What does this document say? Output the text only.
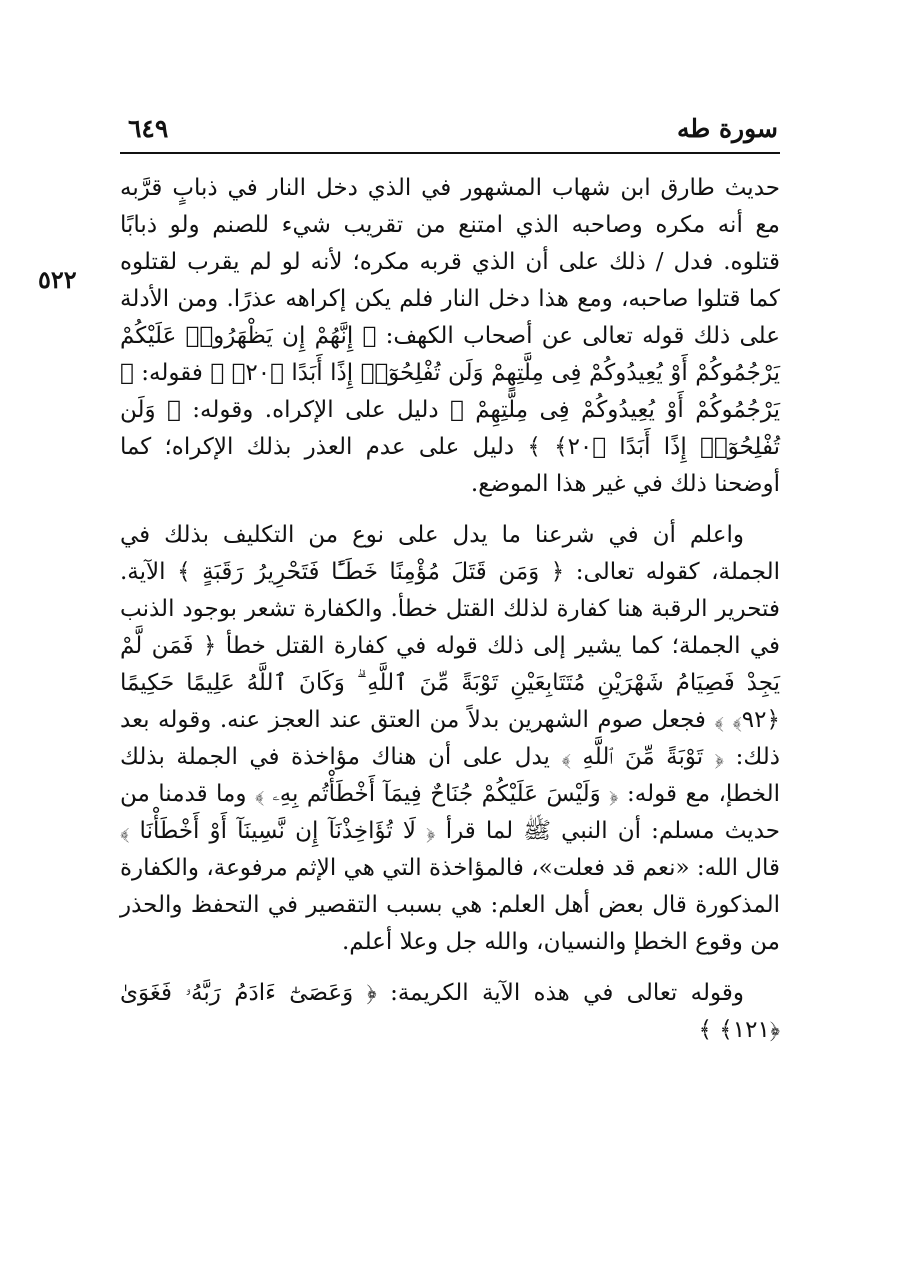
سورة طه
٦٤٩
٥٢٢

حديث طارق ابن شهاب المشهور في الذي دخل النار في ذبابٍ قرَّبه مع أنه مكره وصاحبه الذي امتنع من تقريب شيء للصنم ولو ذبابًا قتلوه. فدل / ذلك على أن الذي قربه مكره؛ لأنه لو لم يقرب لقتلوه كما قتلوا صاحبه، ومع هذا دخل النار فلم يكن إكراهه عذرًا. ومن الأدلة على ذلك قوله تعالى عن أصحاب الكهف: ﴿ إِنَّهُمْ إِن يَظْهَرُوا۟ عَلَيْكُمْ يَرْجُمُوكُمْ أَوْ يُعِيدُوكُمْ فِى مِلَّتِهِمْ وَلَن تُفْلِحُوٓا۟ إِذًا أَبَدًا ﴿٢٠﴾ ﴾ فقوله: ﴿ يَرْجُمُوكُمْ أَوْ يُعِيدُوكُمْ فِى مِلَّتِهِمْ ﴾ دليل على الإكراه. وقوله: ﴿ وَلَن تُفْلِحُوٓا۟ إِذًا أَبَدًا ﴿٢٠﴾ ﴾ دليل على عدم العذر بذلك الإكراه؛ كما أوضحنا ذلك في غير هذا الموضع.

واعلم أن في شرعنا ما يدل على نوع من التكليف بذلك في الجملة، كقوله تعالى: ﴿ وَمَن قَتَلَ مُؤْمِنًا خَطَـًٔا فَتَحْرِيرُ رَقَبَةٍ ﴾ الآية. فتحرير الرقبة هنا كفارة لذلك القتل خطأ. والكفارة تشعر بوجود الذنب في الجملة؛ كما يشير إلى ذلك قوله في كفارة القتل خطأ ﴿ فَمَن لَّمْ يَجِدْ فَصِيَامُ شَهْرَيْنِ مُتَتَابِعَيْنِ تَوْبَةً مِّنَ ٱللَّهِ ۗ وَكَانَ ٱللَّهُ عَلِيمًا حَكِيمًا ﴿٩٢﴾ ﴾ فجعل صوم الشهرين بدلاً من العتق عند العجز عنه. وقوله بعد ذلك: ﴿ تَوْبَةً مِّنَ ٱللَّهِ ﴾ يدل على أن هناك مؤاخذة في الجملة بذلك الخطإ، مع قوله: ﴿ وَلَيْسَ عَلَيْكُمْ جُنَاحٌ فِيمَآ أَخْطَأْتُم بِهِۦ ﴾ وما قدمنا من حديث مسلم: أن النبي ﷺ لما قرأ ﴿ لَا تُؤَاخِذْنَآ إِن نَّسِينَآ أَوْ أَخْطَأْنَا ﴾ قال الله: «نعم قد فعلت»، فالمؤاخذة التي هي الإثم مرفوعة، والكفارة المذكورة قال بعض أهل العلم: هي بسبب التقصير في التحفظ والحذر من وقوع الخطإ والنسيان، والله جل وعلا أعلم.

وقوله تعالى في هذه الآية الكريمة: ﴿ وَعَصَىٰٓ ءَادَمُ رَبَّهُۥ فَغَوَىٰ ﴿١٢١﴾ ﴾
